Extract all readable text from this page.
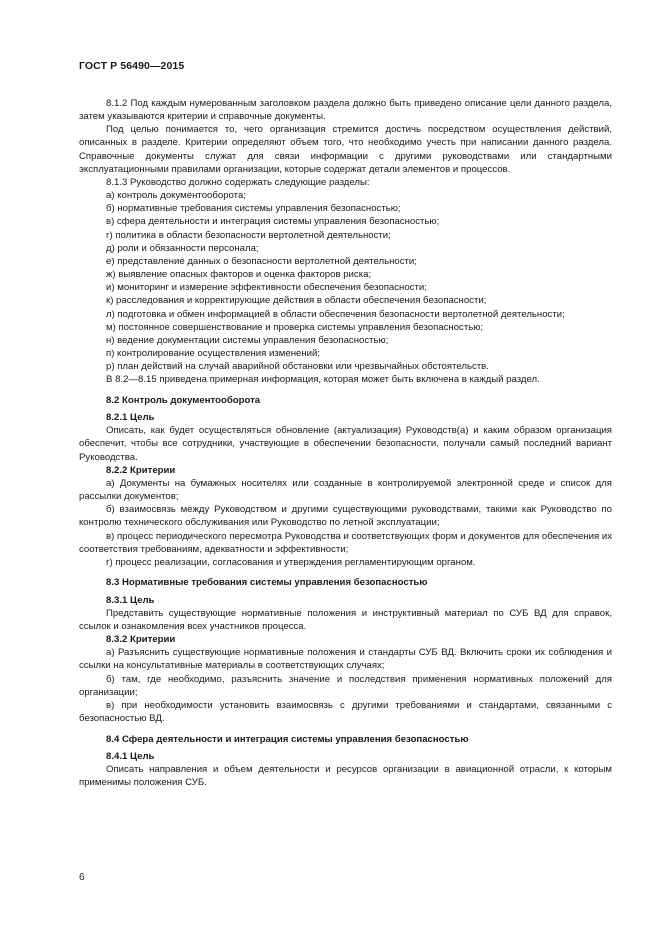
ГОСТ Р 56490—2015

8.1.2 Под каждым нумерованным заголовком раздела должно быть приведено описание цели данного раздела, затем указываются критерии и справочные документы.

Под целью понимается то, чего организация стремится достичь посредством осуществления действий, описанных в разделе. Критерии определяют объем того, что необходимо учесть при написании данного раздела. Справочные документы служат для связи информации с другими руководствами или стандартными эксплуатационными правилами организации, которые содержат детали элементов и процессов.

8.1.3 Руководство должно содержать следующие разделы:

а) контроль документооборота;

б) нормативные требования системы управления безопасностью;

в) сфера деятельности и интеграция системы управления безопасностью;

г) политика в области безопасности вертолетной деятельности;

д) роли и обязанности персонала;

е) представление данных о безопасности вертолетной деятельности;

ж) выявление опасных факторов и оценка факторов риска;

и) мониторинг и измерение эффективности обеспечения безопасности;

к) расследования и корректирующие действия в области обеспечения безопасности;

л) подготовка и обмен информацией в области обеспечения безопасности вертолетной деятельности;

м) постоянное совершенствование и проверка системы управления безопасностью;

н) ведение документации системы управления безопасностью;

п) контролирование осуществления изменений;

р) план действий на случай аварийной обстановки или чрезвычайных обстоятельств.

В 8.2—8.15 приведена примерная информация, которая может быть включена в каждый раздел.

8.2 Контроль документооборота

8.2.1 Цель

Описать, как будет осуществляться обновление (актуализация) Руководств(а) и каким образом организация обеспечит, чтобы все сотрудники, участвующие в обеспечении безопасности, получали самый последний вариант Руководства.

8.2.2 Критерии

а) Документы на бумажных носителях или созданные в контролируемой электронной среде и список для рассылки документов;

б) взаимосвязь между Руководством и другими существующими руководствами, такими как Руководство по контролю технического обслуживания или Руководство по летной эксплуатации;

в) процесс периодического пересмотра Руководства и соответствующих форм и документов для обеспечения их соответствия требованиям, адекватности и эффективности;

г) процесс реализации, согласования и утверждения регламентирующим органом.

8.3 Нормативные требования системы управления безопасностью

8.3.1 Цель

Представить существующие нормативные положения и инструктивный материал по СУБ ВД для справок, ссылок и ознакомления всех участников процесса.

8.3.2 Критерии

а) Разъяснить существующие нормативные положения и стандарты СУБ ВД. Включить сроки их соблюдения и ссылки на консультативные материалы в соответствующих случаях;

б) там, где необходимо, разъяснить значение и последствия применения нормативных положений для организации;

в) при необходимости установить взаимосвязь с другими требованиями и стандартами, связанными с безопасностью ВД.

8.4 Сфера деятельности и интеграция системы управления безопасностью

8.4.1 Цель

Описать направления и объем деятельности и ресурсов организации в авиационной отрасли, к которым применимы положения СУБ.

6
